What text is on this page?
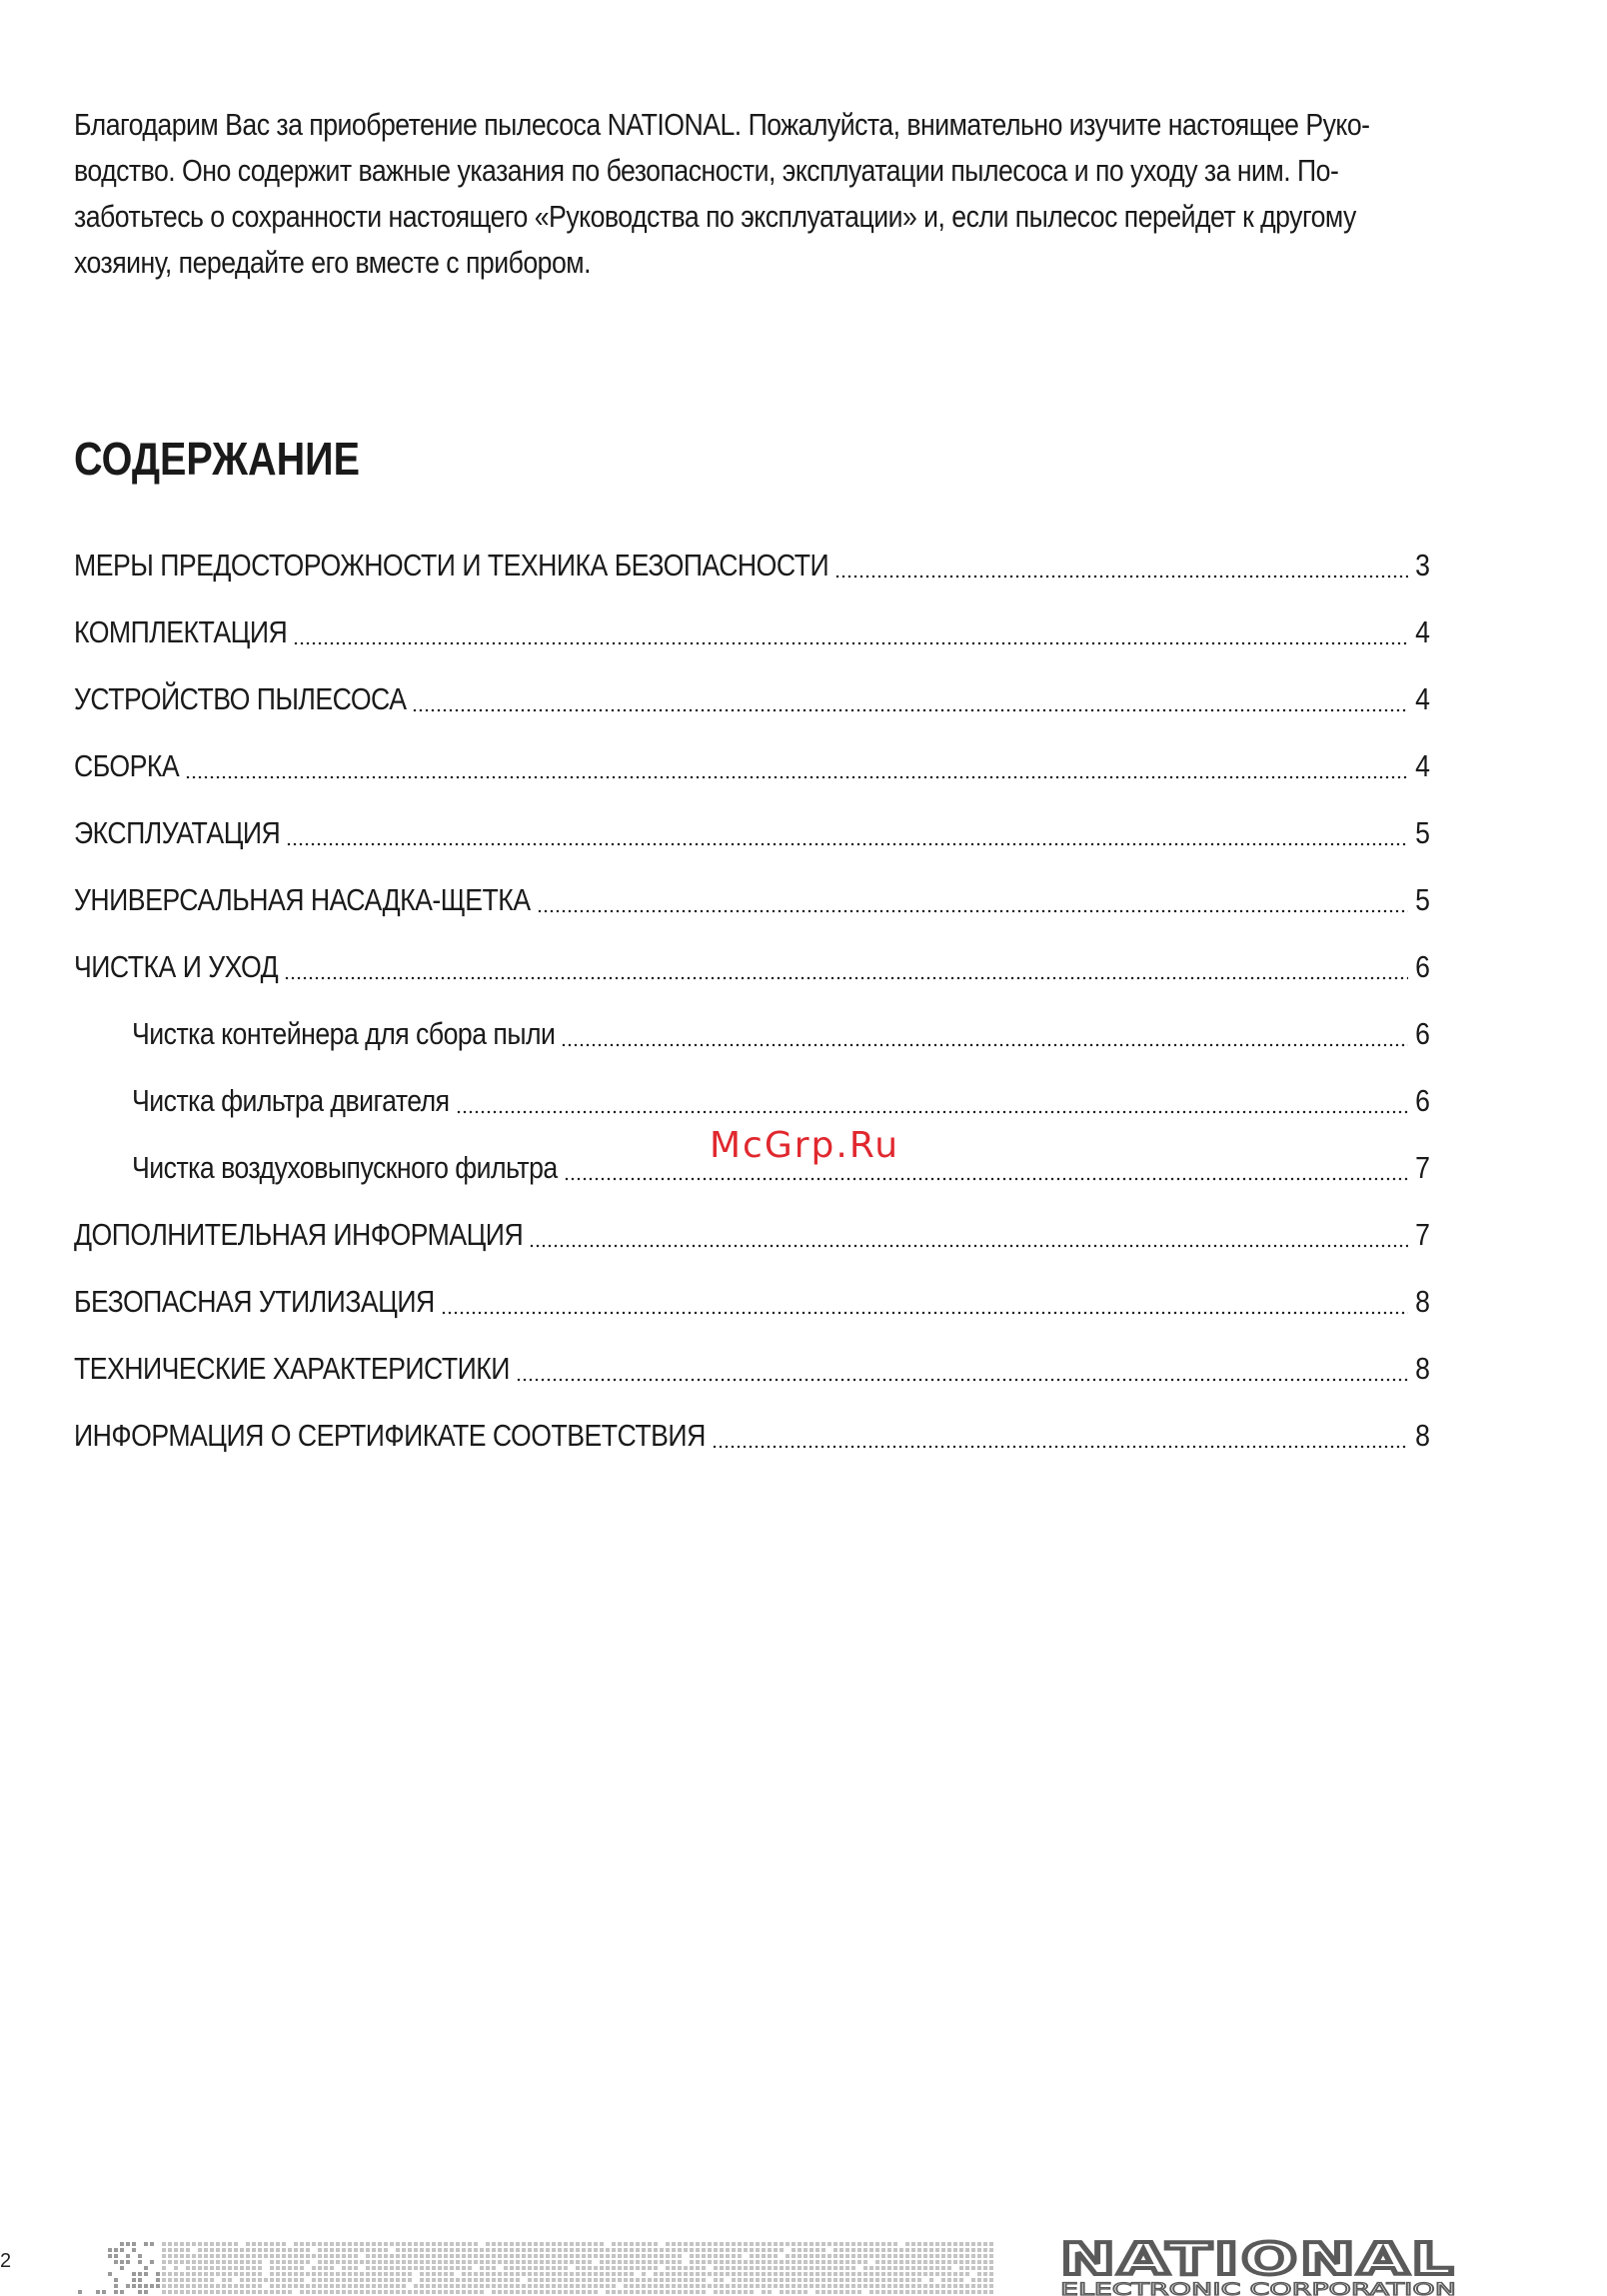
Благодарим Вас за приобретение пылесоса NATIONAL. Пожалуйста, внимательно изучите настоящее Руко-
водство. Оно содержит важные указания по безопасности, эксплуатации пылесоса и по уходу за ним. По-
заботьтесь о сохранности настоящего «Руководства по эксплуатации» и, если пылесос перейдет к другому
хозяину, передайте его вместе с прибором.
СОДЕРЖАНИЕ
МЕРЫ ПРЕДОСТОРОЖНОСТИ И ТЕХНИКА БЕЗОПАСНОСТИ	3
КОМПЛЕКТАЦИЯ	4
УСТРОЙСТВО ПЫЛЕСОСА	4
СБОРКА	4
ЭКСПЛУАТАЦИЯ	5
УНИВЕРСАЛЬНАЯ НАСАДКА-ЩЕТКА	5
ЧИСТКА И УХОД	6
Чистка контейнера для сбора пыли	6
Чистка фильтра двигателя	6
Чистка воздуховыпускного фильтра	7
ДОПОЛНИТЕЛЬНАЯ ИНФОРМАЦИЯ	7
БЕЗОПАСНАЯ УТИЛИЗАЦИЯ	8
ТЕХНИЧЕСКИЕ ХАРАКТЕРИСТИКИ	8
ИНФОРМАЦИЯ О СЕРТИФИКАТЕ СООТВЕТСТВИЯ	8
McGrp.Ru
2	NATIONAL
ELECTRONIC CORPORATION
